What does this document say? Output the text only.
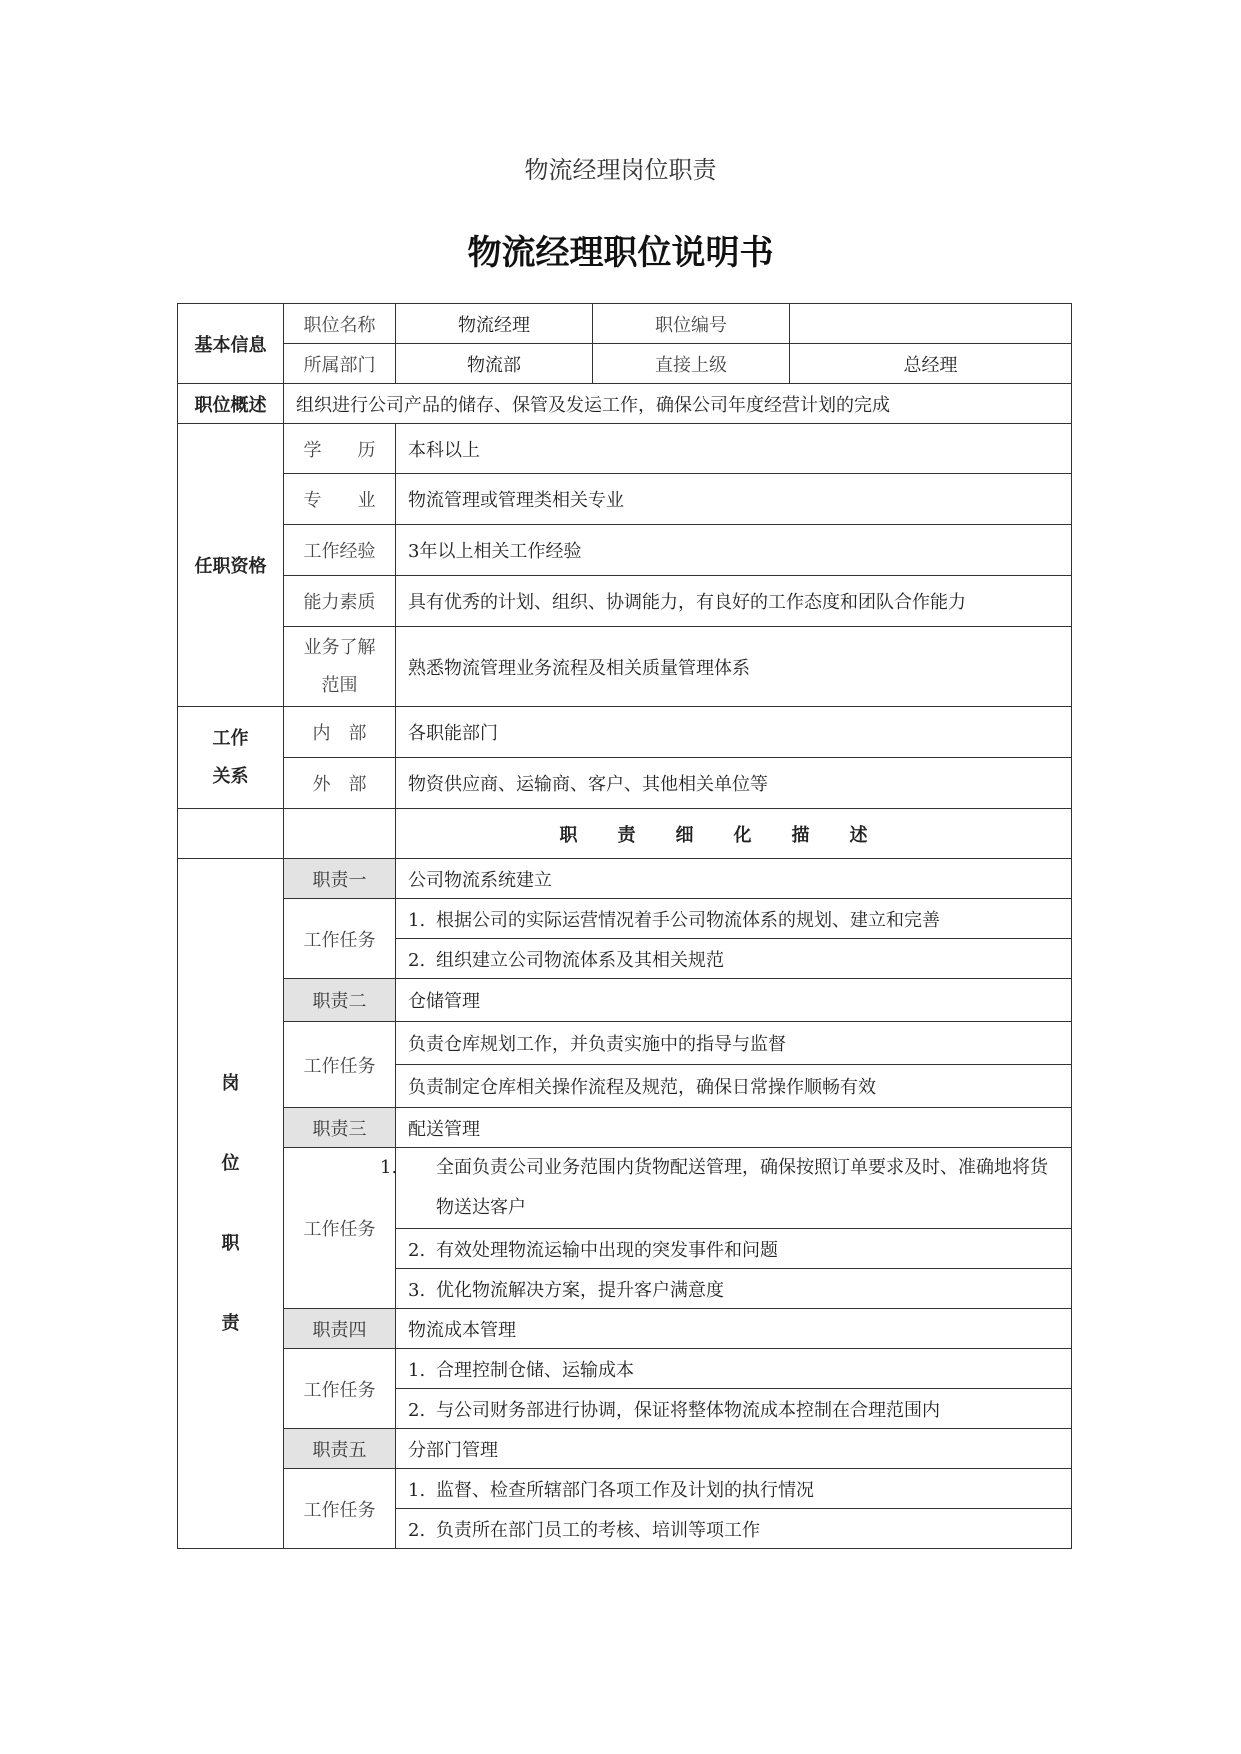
物流经理岗位职责
物流经理职位说明书
基本信息	职位名称	物流经理	职位编号	
	所属部门	物流部	直接上级	总经理
职位概述	组织进行公司产品的储存、保管及发运工作，确保公司年度经营计划的完成			
任职资格	学　　历	本科以上		
	专　　业	物流管理或管理类相关专业		
	工作经验	3年以上相关工作经验		
	能力素质	具有优秀的计划、组织、协调能力，有良好的工作态度和团队合作能力		
	业务了解范围	熟悉物流管理业务流程及相关质量管理体系		
工作
关系	内　部	各职能部门		
	外　部	物资供应商、运输商、客户、其他相关单位等		
		职责细化描述		
岗
位
职
责	职责一	公司物流系统建立		
	工作任务	1. 根据公司的实际运营情况着手公司物流体系的规划、建立和完善		
		2. 组织建立公司物流体系及其相关规范		
	职责二	仓储管理		
	工作任务	负责仓库规划工作，并负责实施中的指导与监督		
		负责制定仓库相关操作流程及规范，确保日常操作顺畅有效		
	职责三	配送管理		
	工作任务	1. 全面负责公司业务范围内货物配送管理，确保按照订单要求及时、准确地将货物送达客户		

		2. 有效处理物流运输中出现的突发事件和问题		
		3. 优化物流解决方案，提升客户满意度		
	职责四	物流成本管理		
	工作任务	1. 合理控制仓储、运输成本		
		2. 与公司财务部进行协调，保证将整体物流成本控制在合理范围内		
	职责五	分部门管理		
	工作任务	1. 监督、检查所辖部门各项工作及计划的执行情况		
		2. 负责所在部门员工的考核、培训等项工作		
